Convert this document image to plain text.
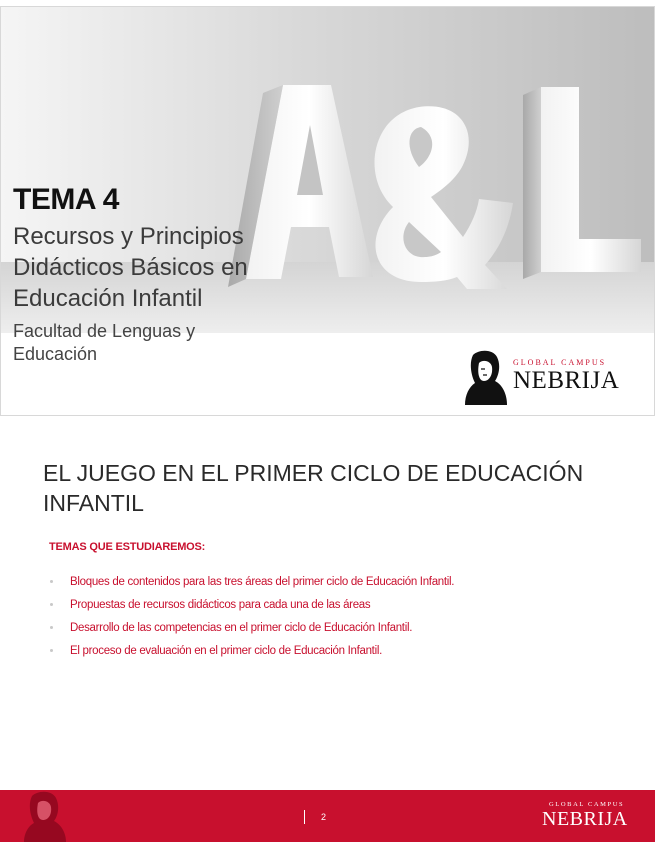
TEMA 4
Recursos y Principios Didácticos Básicos en Educación Infantil
Facultad de Lenguas y Educación	GLOBAL CAMPUS
NEBRIJA
EL JUEGO EN EL PRIMER CICLO DE EDUCACIÓN INFANTIL
TEMAS QUE ESTUDIAREMOS:
Bloques de contenidos para las tres áreas del primer ciclo de Educación Infantil.
Propuestas de recursos didácticos para cada una de las áreas
Desarrollo de las competencias en el primer ciclo de Educación Infantil.
El proceso de evaluación en el primer ciclo de Educación Infantil.
2
GLOBAL CAMPUS
NEBRIJA
